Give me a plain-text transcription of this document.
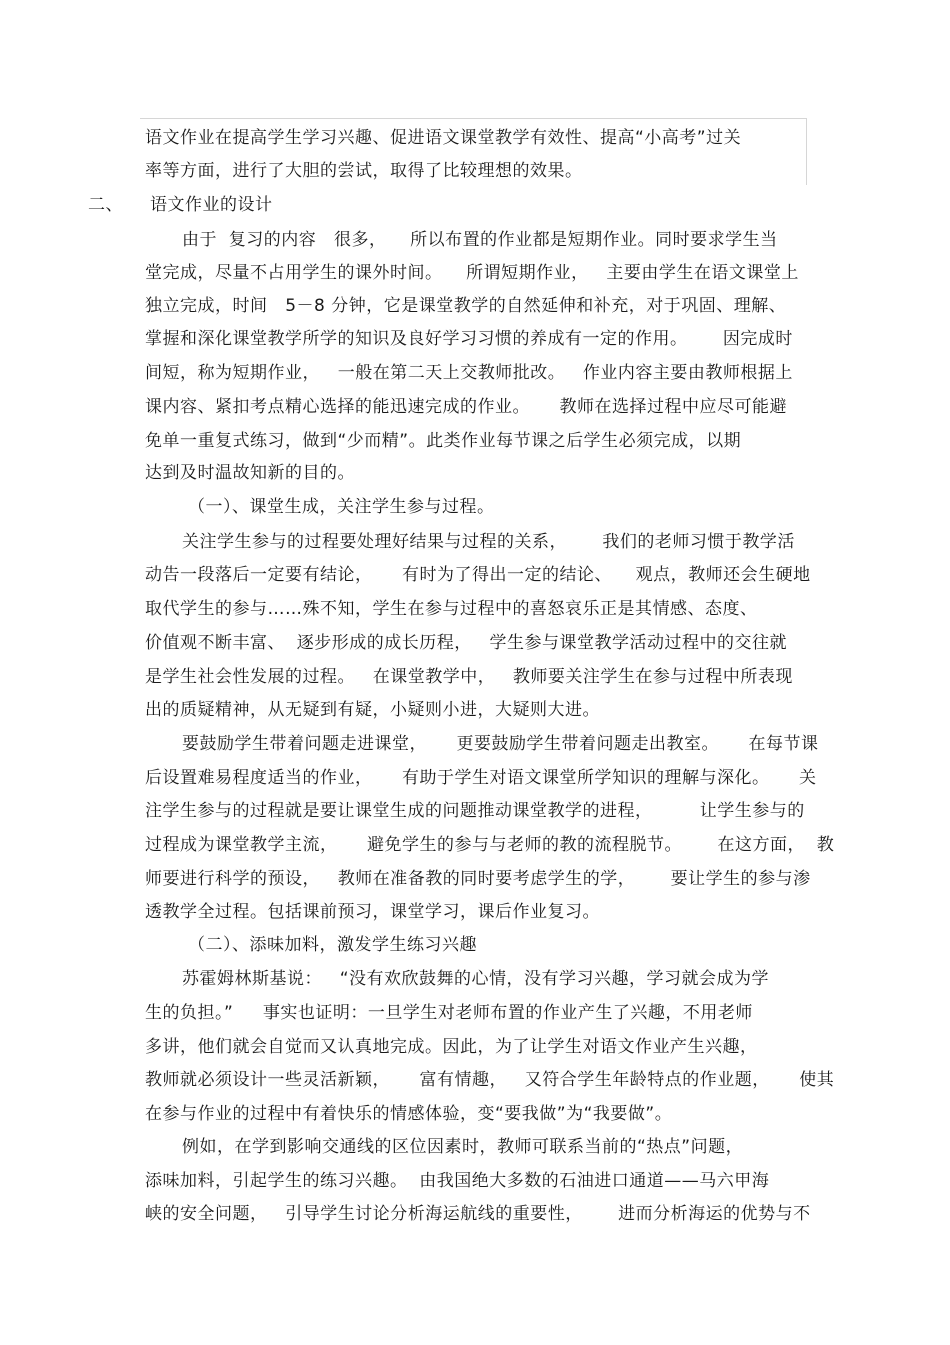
语文作业在提高学生学习兴趣、促进语文课堂教学有效性、提高“小高考”过关
率等方面，进行了大胆的尝试，取得了比较理想的效果。
二、 语文作业的设计
由于  复习的内容   很多，    所以布置的作业都是短期作业。同时要求学生当
堂完成，尽量不占用学生的课外时间。    所谓短期作业，   主要由学生在语文课堂上
独立完成，时间   5－8 分钟，它是课堂教学的自然延伸和补充，对于巩固、理解、
掌握和深化课堂教学所学的知识及良好学习习惯的养成有一定的作用。      因完成时
间短，称为短期作业，   一般在第二天上交教师批改。   作业内容主要由教师根据上
课内容、紧扣考点精心选择的能迅速完成的作业。     教师在选择过程中应尽可能避
免单一重复式练习，做到“少而精”。此类作业每节课之后学生必须完成，以期
达到及时温故知新的目的。
（一）、课堂生成，关注学生参与过程。
关注学生参与的过程要处理好结果与过程的关系，      我们的老师习惯于教学活
动告一段落后一定要有结论，     有时为了得出一定的结论、    观点，教师还会生硬地
取代学生的参与……殊不知，学生在参与过程中的喜怒哀乐正是其情感、态度、
价值观不断丰富、  逐步形成的成长历程，   学生参与课堂教学活动过程中的交往就
是学生社会性发展的过程。   在课堂教学中，   教师要关注学生在参与过程中所表现
出的质疑精神，从无疑到有疑，小疑则小进，大疑则大进。
要鼓励学生带着问题走进课堂，     更要鼓励学生带着问题走出教室。     在每节课
后设置难易程度适当的作业，     有助于学生对语文课堂所学知识的理解与深化。     关
注学生参与的过程就是要让课堂生成的问题推动课堂教学的进程，        让学生参与的
过程成为课堂教学主流，     避免学生的参与与老师的教的流程脱节。      在这方面，  教
师要进行科学的预设，   教师在准备教的同时要考虑学生的学，      要让学生的参与渗
透教学全过程。包括课前预习，课堂学习，课后作业复习。
（二）、添味加料，激发学生练习兴趣
苏霍姆林斯基说：   “没有欢欣鼓舞的心情，没有学习兴趣，学习就会成为学
生的负担。”     事实也证明：一旦学生对老师布置的作业产生了兴趣，不用老师
多讲，他们就会自觉而又认真地完成。因此，为了让学生对语文作业产生兴趣，
教师就必须设计一些灵活新颖，     富有情趣，   又符合学生年龄特点的作业题，     使其
在参与作业的过程中有着快乐的情感体验，变“要我做”为“我要做”。
例如，在学到影响交通线的区位因素时，教师可联系当前的“热点”问题，
添味加料，引起学生的练习兴趣。  由我国绝大多数的石油进口通道——马六甲海
峡的安全问题，   引导学生讨论分析海运航线的重要性，      进而分析海运的优势与不
